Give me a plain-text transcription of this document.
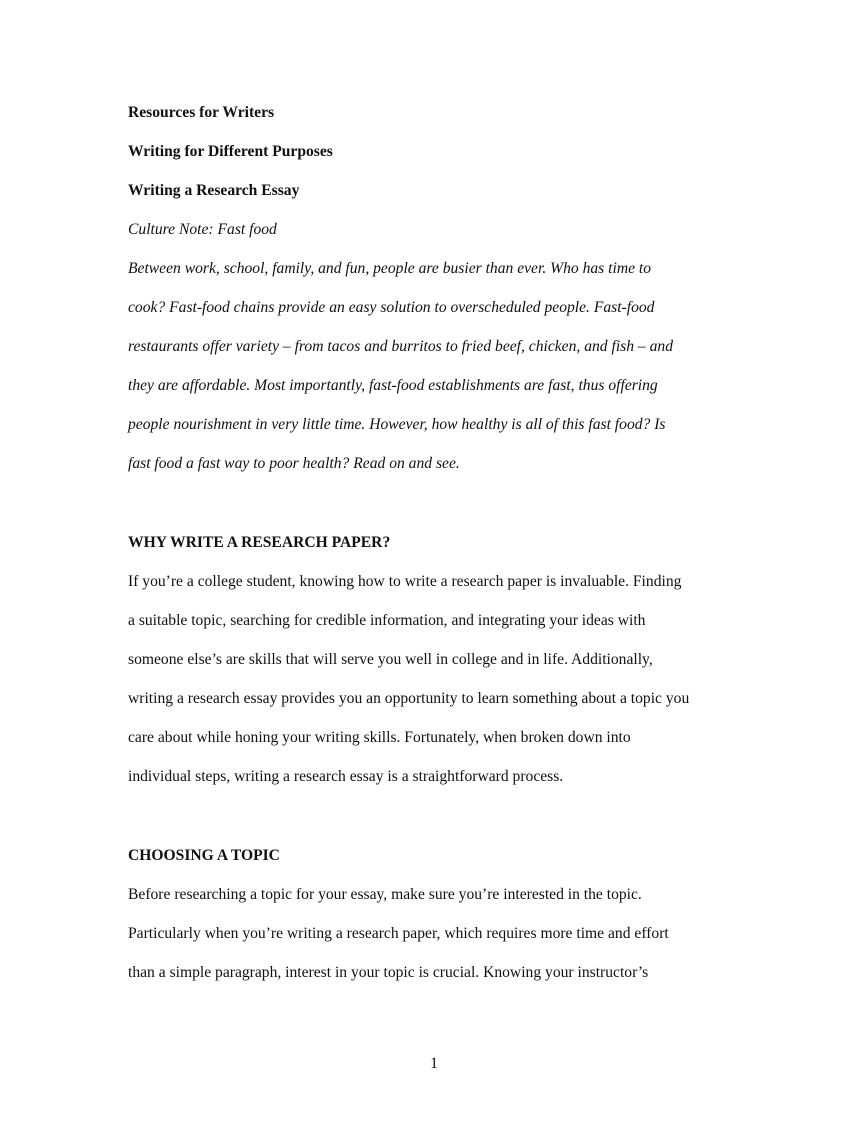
Resources for Writers

Writing for Different Purposes

Writing a Research Essay

Culture Note: Fast food

Between work, school, family, and fun, people are busier than ever. Who has time to

cook? Fast-food chains provide an easy solution to overscheduled people. Fast-food

restaurants offer variety – from tacos and burritos to fried beef, chicken, and fish – and

they are affordable. Most importantly, fast-food establishments are fast, thus offering

people nourishment in very little time. However, how healthy is all of this fast food? Is

fast food a fast way to poor health? Read on and see.

WHY WRITE A RESEARCH PAPER?

If you’re a college student, knowing how to write a research paper is invaluable. Finding

a suitable topic, searching for credible information, and integrating your ideas with

someone else’s are skills that will serve you well in college and in life. Additionally,

writing a research essay provides you an opportunity to learn something about a topic you

care about while honing your writing skills. Fortunately, when broken down into

individual steps, writing a research essay is a straightforward process.

CHOOSING A TOPIC

Before researching a topic for your essay, make sure you’re interested in the topic.

Particularly when you’re writing a research paper, which requires more time and effort

than a simple paragraph, interest in your topic is crucial. Knowing your instructor’s

1
